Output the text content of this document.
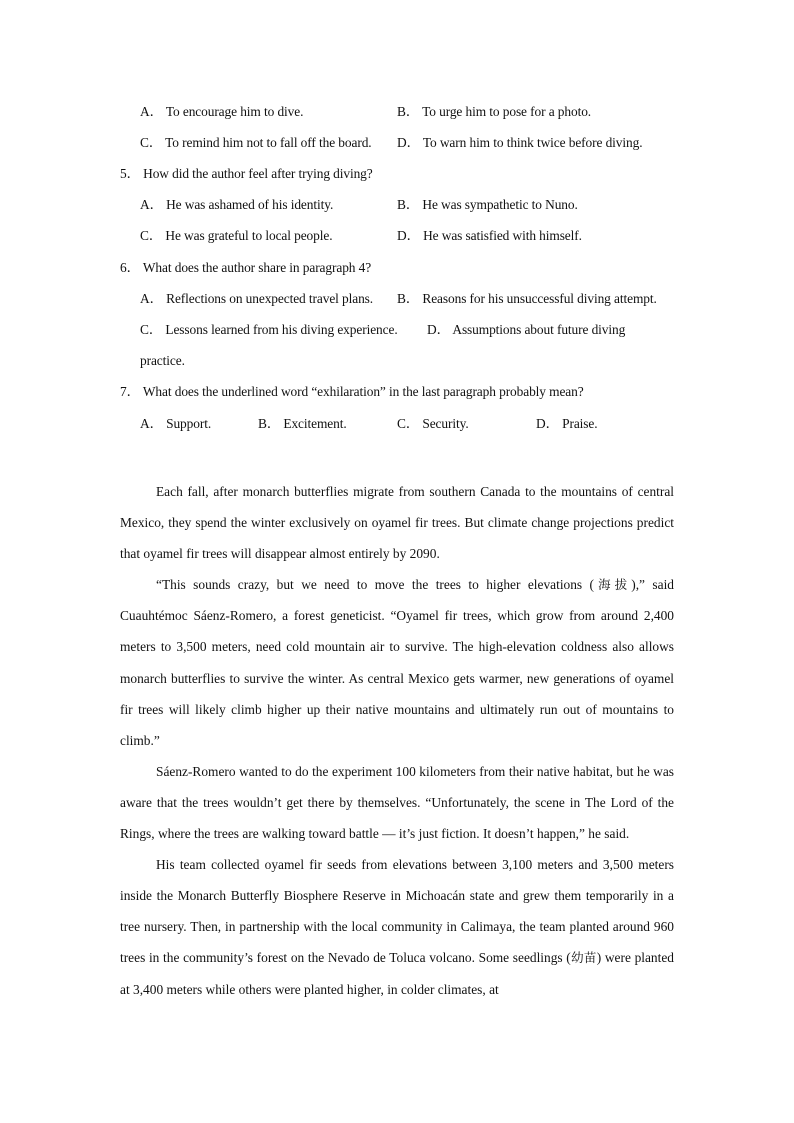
A． To encourage him to dive.	B． To urge him to pose for a photo.
C． To remind him not to fall off the board. D． To warn him to think twice before diving.
5． How did the author feel after trying diving?
A． He was ashamed of his identity.	B． He was sympathetic to Nuno.
C． He was grateful to local people.	D． He was satisfied with himself.
6． What does the author share in paragraph 4?
A． Reflections on unexpected travel plans. B． Reasons for his unsuccessful diving attempt.
C． Lessons learned from his diving experience. D． Assumptions about future diving
practice.
7． What does the underlined word “exhilaration” in the last paragraph probably mean?
A． Support.	B． Excitement.	C． Security.	D． Praise.

Each fall, after monarch butterflies migrate from southern Canada to the mountains of central Mexico, they spend the winter exclusively on oyamel fir trees. But climate change projections predict that oyamel fir trees will disappear almost entirely by 2090.

“This sounds crazy, but we need to move the trees to higher elevations (海拔),” said Cuauhtémoc Sáenz-Romero, a forest geneticist. “Oyamel fir trees, which grow from around 2,400 meters to 3,500 meters, need cold mountain air to survive. The high-elevation coldness also allows monarch butterflies to survive the winter. As central Mexico gets warmer, new generations of oyamel fir trees will likely climb higher up their native mountains and ultimately run out of mountains to climb.”

Sáenz-Romero wanted to do the experiment 100 kilometers from their native habitat, but he was aware that the trees wouldn’t get there by themselves. “Unfortunately, the scene in The Lord of the Rings, where the trees are walking toward battle — it’s just fiction. It doesn’t happen,” he said.

His team collected oyamel fir seeds from elevations between 3,100 meters and 3,500 meters inside the Monarch Butterfly Biosphere Reserve in Michoacán state and grew them temporarily in a tree nursery. Then, in partnership with the local community in Calimaya, the team planted around 960 trees in the community’s forest on the Nevado de Toluca volcano. Some seedlings (幼苗) were planted at 3,400 meters while others were planted higher, in colder climates, at
